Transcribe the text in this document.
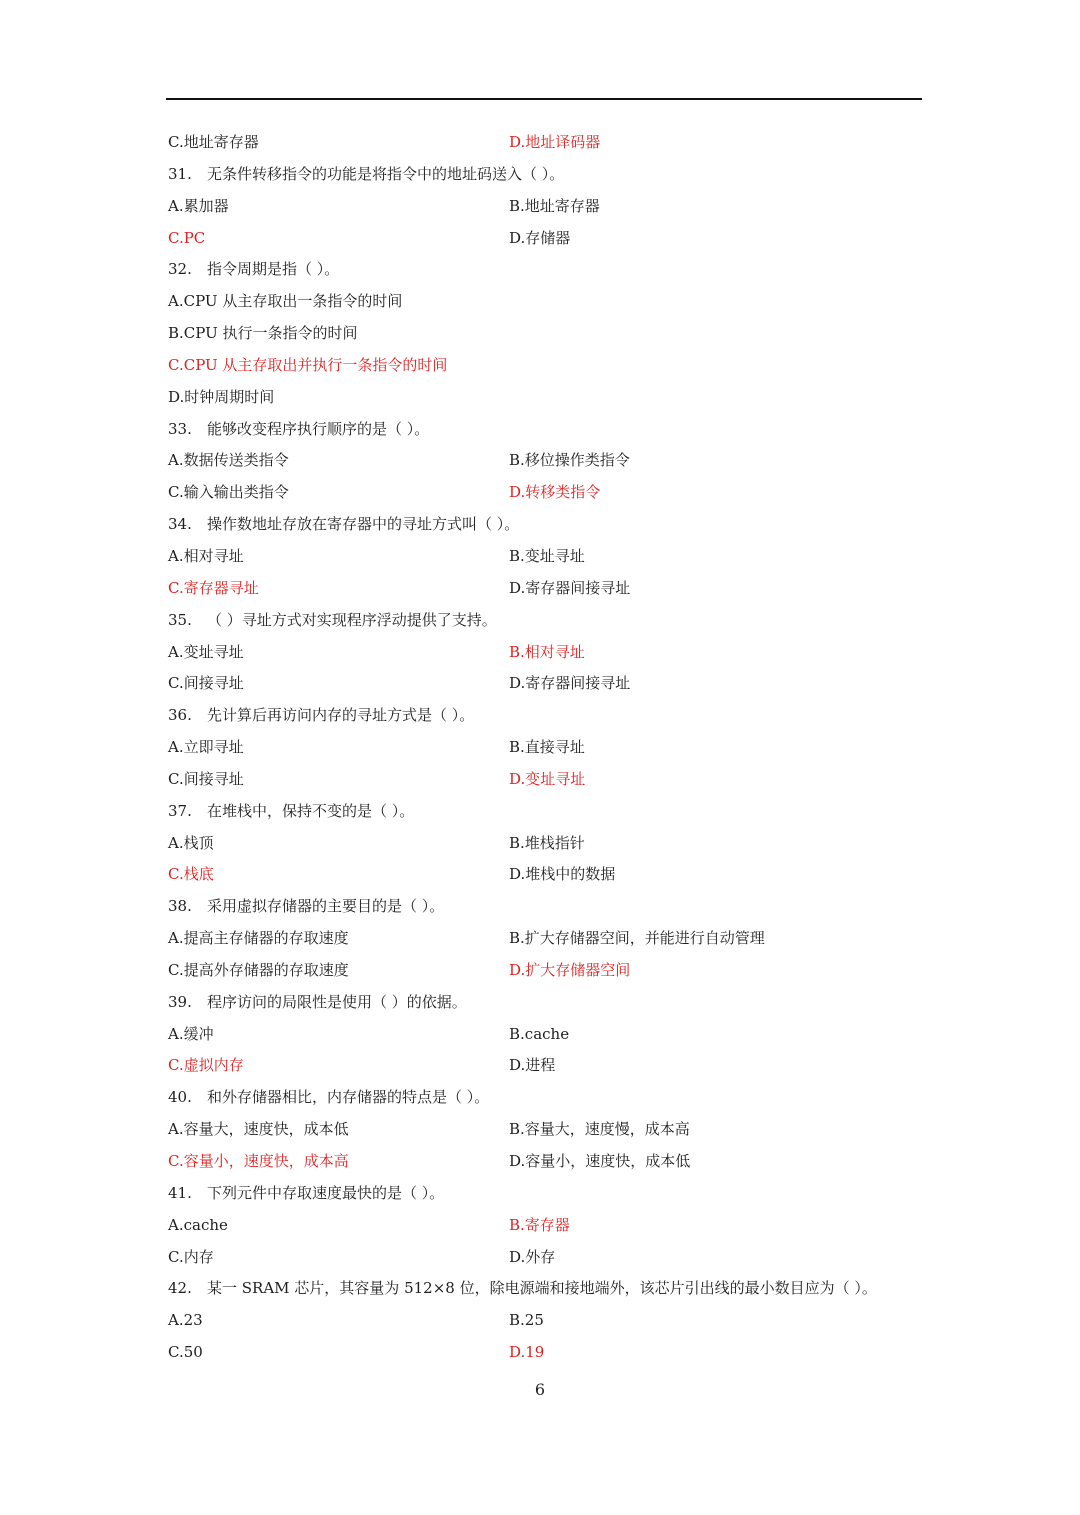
C.地址寄存器	D.地址译码器
31. 无条件转移指令的功能是将指令中的地址码送入（ ）。
A.累加器	B.地址寄存器
C.PC	D.存储器
32. 指令周期是指（ ）。
A.CPU 从主存取出一条指令的时间
B.CPU 执行一条指令的时间
C.CPU 从主存取出并执行一条指令的时间
D.时钟周期时间
33. 能够改变程序执行顺序的是（ ）。
A.数据传送类指令	B.移位操作类指令
C.输入输出类指令	D.转移类指令
34. 操作数地址存放在寄存器中的寻址方式叫（ ）。
A.相对寻址	B.变址寻址
C.寄存器寻址	D.寄存器间接寻址
35. （ ）寻址方式对实现程序浮动提供了支持。
A.变址寻址	B.相对寻址
C.间接寻址	D.寄存器间接寻址
36. 先计算后再访问内存的寻址方式是（ ）。
A.立即寻址	B.直接寻址
C.间接寻址	D.变址寻址
37. 在堆栈中，保持不变的是（ ）。
A.栈顶	B.堆栈指针
C.栈底	D.堆栈中的数据
38. 采用虚拟存储器的主要目的是（ ）。
A.提高主存储器的存取速度	B.扩大存储器空间，并能进行自动管理
C.提高外存储器的存取速度	D.扩大存储器空间
39. 程序访问的局限性是使用（ ）的依据。
A.缓冲	B.cache
C.虚拟内存	D.进程
40. 和外存储器相比，内存储器的特点是（ ）。
A.容量大，速度快，成本低	B.容量大，速度慢，成本高
C.容量小，速度快，成本高	D.容量小，速度快，成本低
41. 下列元件中存取速度最快的是（ ）。
A.cache	B.寄存器
C.内存	D.外存
42. 某一 SRAM 芯片，其容量为 512×8 位，除电源端和接地端外，该芯片引出线的最小数目应为（ ）。
A.23	B.25
C.50	D.19
6
